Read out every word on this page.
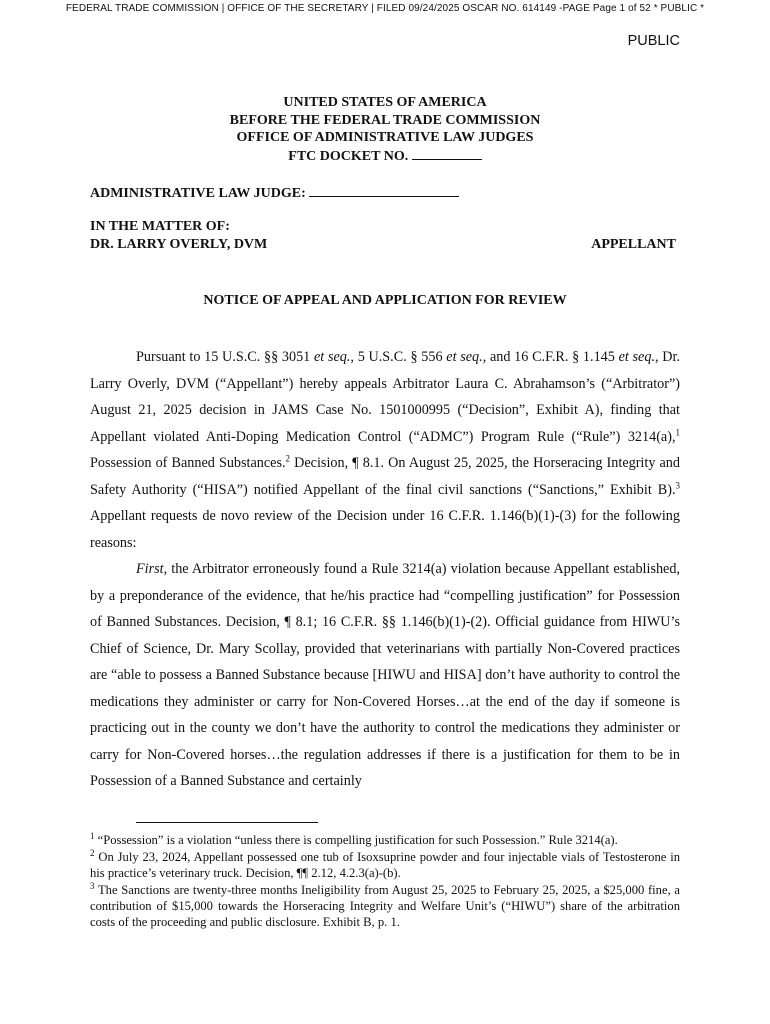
FEDERAL TRADE COMMISSION | OFFICE OF THE SECRETARY | FILED 09/24/2025 OSCAR NO. 614149 -PAGE Page 1 of 52 * PUBLIC *
PUBLIC
UNITED STATES OF AMERICA
BEFORE THE FEDERAL TRADE COMMISSION
OFFICE OF ADMINISTRATIVE LAW JUDGES
FTC DOCKET NO.
ADMINISTRATIVE LAW JUDGE:
IN THE MATTER OF:
DR. LARRY OVERLY, DVM	APPELLANT
NOTICE OF APPEAL AND APPLICATION FOR REVIEW

Pursuant to 15 U.S.C. §§ 3051 et seq., 5 U.S.C. § 556 et seq., and 16 C.F.R. § 1.145 et seq., Dr. Larry Overly, DVM (“Appellant”) hereby appeals Arbitrator Laura C. Abrahamson’s (“Arbitrator”) August 21, 2025 decision in JAMS Case No. 1501000995 (“Decision”, Exhibit A), finding that Appellant violated Anti-Doping Medication Control (“ADMC”) Program Rule (“Rule”) 3214(a),$^1$ Possession of Banned Substances.$^2$ Decision, ¶ 8.1. On August 25, 2025, the Horseracing Integrity and Safety Authority (“HISA”) notified Appellant of the final civil sanctions (“Sanctions,” Exhibit B).$^3$ Appellant requests de novo review of the Decision under 16 C.F.R. 1.146(b)(1)-(3) for the following reasons:

First, the Arbitrator erroneously found a Rule 3214(a) violation because Appellant established, by a preponderance of the evidence, that he/his practice had “compelling justification” for Possession of Banned Substances. Decision, ¶ 8.1; 16 C.F.R. §§ 1.146(b)(1)-(2). Official guidance from HIWU’s Chief of Science, Dr. Mary Scollay, provided that veterinarians with partially Non-Covered practices are “able to possess a Banned Substance because [HIWU and HISA] don’t have authority to control the medications they administer or carry for Non-Covered Horses…at the end of the day if someone is practicing out in the county we don’t have the authority to control the medications they administer or carry for Non-Covered horses…the regulation addresses if there is a justification for them to be in Possession of a Banned Substance and certainly

$^1$ “Possession” is a violation “unless there is compelling justification for such Possession.” Rule 3214(a).

$^2$ On July 23, 2024, Appellant possessed one tub of Isoxsuprine powder and four injectable vials of Testosterone in his practice’s veterinary truck. Decision, ¶¶ 2.12, 4.2.3(a)-(b).

$^3$ The Sanctions are twenty-three months Ineligibility from August 25, 2025 to February 25, 2025, a $25,000 fine, a contribution of $15,000 towards the Horseracing Integrity and Welfare Unit’s (“HIWU”) share of the arbitration costs of the proceeding and public disclosure. Exhibit B, p. 1.
